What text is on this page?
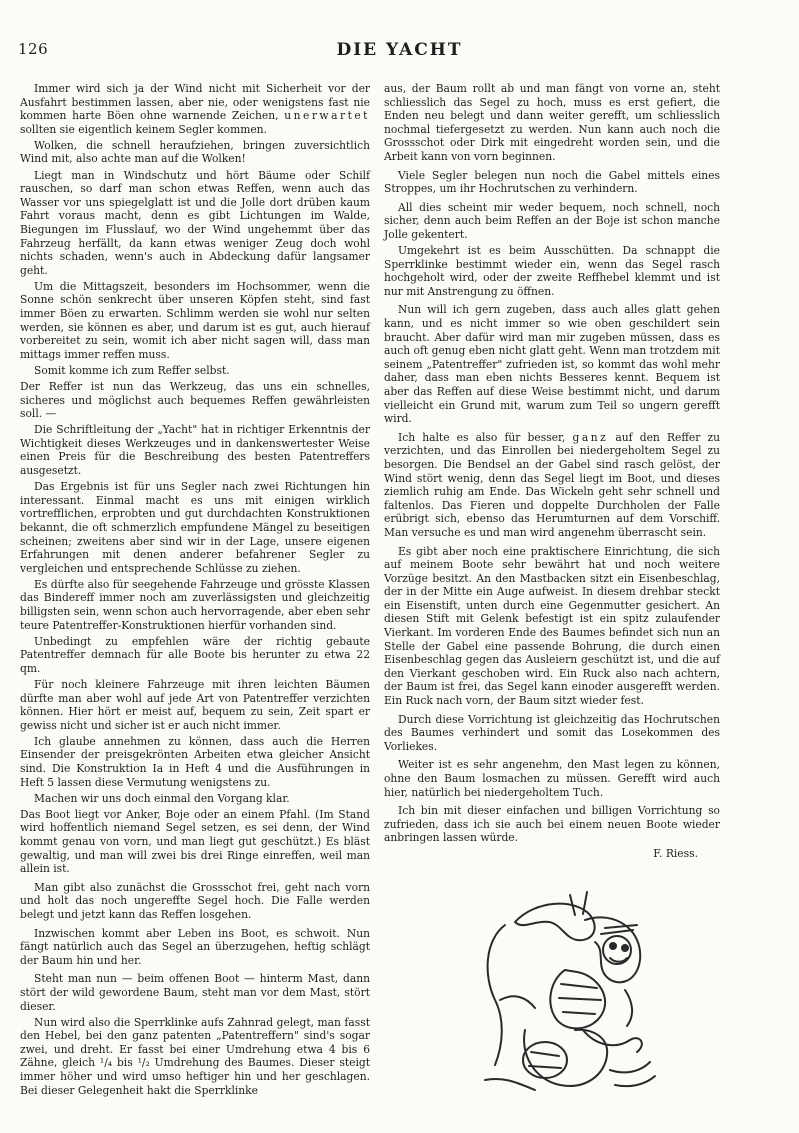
126	DIE YACHT

Immer wird sich ja der Wind nicht mit Sicherheit vor der Ausfahrt bestimmen lassen, aber nie, oder wenigstens fast nie kommen harte Böen ohne warnende Zeichen, unerwartet sollten sie eigentlich keinem Segler kommen.

Wolken, die schnell heraufziehen, bringen zuversichtlich Wind mit, also achte man auf die Wolken!

Liegt man in Windschutz und hört Bäume oder Schilf rauschen, so darf man schon etwas Reffen, wenn auch das Wasser vor uns spiegelglatt ist und die Jolle dort drüben kaum Fahrt voraus macht, denn es gibt Lichtungen im Walde, Biegungen im Flusslauf, wo der Wind ungehemmt über das Fahrzeug herfällt, da kann etwas weniger Zeug doch wohl nichts schaden, wenn's auch in Abdeckung dafür langsamer geht.

Um die Mittagszeit, besonders im Hochsommer, wenn die Sonne schön senkrecht über unseren Köpfen steht, sind fast immer Böen zu erwarten. Schlimm werden sie wohl nur selten werden, sie können es aber, und darum ist es gut, auch hierauf vorbereitet zu sein, womit ich aber nicht sagen will, dass man mittags immer reffen muss.

Somit komme ich zum Reffer selbst.

Der Reffer ist nun das Werkzeug, das uns ein schnelles, sicheres und möglichst auch bequemes Reffen gewährleisten soll. —

Die Schriftleitung der „Yacht" hat in richtiger Erkenntnis der Wichtigkeit dieses Werkzeuges und in dankenswertester Weise einen Preis für die Beschreibung des besten Patentreffers ausgesetzt.

Das Ergebnis ist für uns Segler nach zwei Richtungen hin interessant. Einmal macht es uns mit einigen wirklich vortrefflichen, erprobten und gut durchdachten Konstruktionen bekannt, die oft schmerzlich empfundene Mängel zu beseitigen scheinen; zweitens aber sind wir in der Lage, unsere eigenen Erfahrungen mit denen anderer befahrener Segler zu vergleichen und entsprechende Schlüsse zu ziehen.

Es dürfte also für seegehende Fahrzeuge und grösste Klassen das Bindereff immer noch am zuverlässigsten und gleichzeitig billigsten sein, wenn schon auch hervorragende, aber eben sehr teure Patentreffer-Konstruktionen hierfür vorhanden sind.

Unbedingt zu empfehlen wäre der richtig gebaute Patentreffer demnach für alle Boote bis herunter zu etwa 22 qm.

Für noch kleinere Fahrzeuge mit ihren leichten Bäumen dürfte man aber wohl auf jede Art von Patentreffer verzichten können. Hier hört er meist auf, bequem zu sein, Zeit spart er gewiss nicht und sicher ist er auch nicht immer.

Ich glaube annehmen zu können, dass auch die Herren Einsender der preisgekrönten Arbeiten etwa gleicher Ansicht sind. Die Konstruktion Ia in Heft 4 und die Ausführungen in Heft 5 lassen diese Vermutung wenigstens zu.

Machen wir uns doch einmal den Vorgang klar.

Das Boot liegt vor Anker, Boje oder an einem Pfahl. (Im Stand wird hoffentlich niemand Segel setzen, es sei denn, der Wind kommt genau von vorn, und man liegt gut geschützt.) Es bläst gewaltig, und man will zwei bis drei Ringe einreffen, weil man allein ist.

Man gibt also zunächst die Grossschot frei, geht nach vorn und holt das noch ungereffte Segel hoch. Die Falle werden belegt und jetzt kann das Reffen losgehen.

Inzwischen kommt aber Leben ins Boot, es schwoit. Nun fängt natürlich auch das Segel an überzugehen, heftig schlägt der Baum hin und her.

Steht man nun — beim offenen Boot — hinterm Mast, dann stört der wild gewordene Baum, steht man vor dem Mast, stört dieser.

Nun wird also die Sperrklinke aufs Zahnrad gelegt, man fasst den Hebel, bei den ganz patenten „Patentreffern" sind's sogar zwei, und dreht. Er fasst bei einer Umdrehung etwa 4 bis 6 Zähne, gleich ¹/₄ bis ¹/₂ Umdrehung des Baumes. Dieser steigt immer höher und wird umso heftiger hin und her geschlagen. Bei dieser Gelegenheit hakt die Sperrklinke

aus, der Baum rollt ab und man fängt von vorne an, steht schliesslich das Segel zu hoch, muss es erst gefiert, die Enden neu belegt und dann weiter gerefft, um schliesslich nochmal tiefergesetzt zu werden. Nun kann auch noch die Grossschot oder Dirk mit eingedreht worden sein, und die Arbeit kann von vorn beginnen.

Viele Segler belegen nun noch die Gabel mittels eines Stroppes, um ihr Hochrutschen zu verhindern.

All dies scheint mir weder bequem, noch schnell, noch sicher, denn auch beim Reffen an der Boje ist schon manche Jolle gekentert.

Umgekehrt ist es beim Ausschütten. Da schnappt die Sperrklinke bestimmt wieder ein, wenn das Segel rasch hochgeholt wird, oder der zweite Reffhebel klemmt und ist nur mit Anstrengung zu öffnen.

Nun will ich gern zugeben, dass auch alles glatt gehen kann, und es nicht immer so wie oben geschildert sein braucht. Aber dafür wird man mir zugeben müssen, dass es auch oft genug eben nicht glatt geht. Wenn man trotzdem mit seinem „Patentreffer" zufrieden ist, so kommt das wohl mehr daher, dass man eben nichts Besseres kennt. Bequem ist aber das Reffen auf diese Weise bestimmt nicht, und darum vielleicht ein Grund mit, warum zum Teil so ungern gerefft wird.

Ich halte es also für besser, ganz auf den Reffer zu verzichten, und das Einrollen bei niedergeholtem Segel zu besorgen. Die Bendsel an der Gabel sind rasch gelöst, der Wind stört wenig, denn das Segel liegt im Boot, und dieses ziemlich ruhig am Ende. Das Wickeln geht sehr schnell und faltenlos. Das Fieren und doppelte Durchholen der Falle erübrigt sich, ebenso das Herumturnen auf dem Vorschiff. Man versuche es und man wird angenehm überrascht sein.

Es gibt aber noch eine praktischere Einrichtung, die sich auf meinem Boote sehr bewährt hat und noch weitere Vorzüge besitzt. An den Mastbacken sitzt ein Eisenbeschlag, der in der Mitte ein Auge aufweist. In diesem drehbar steckt ein Eisenstift, unten durch eine Gegenmutter gesichert. An diesen Stift mit Gelenk befestigt ist ein spitz zulaufender Vierkant. Im vorderen Ende des Baumes befindet sich nun an Stelle der Gabel eine passende Bohrung, die durch einen Eisenbeschlag gegen das Ausleiern geschützt ist, und die auf den Vierkant geschoben wird. Ein Ruck also nach achtern, der Baum ist frei, das Segel kann einoder ausgerefft werden. Ein Ruck nach vorn, der Baum sitzt wieder fest.

Durch diese Vorrichtung ist gleichzeitig das Hochrutschen des Baumes verhindert und somit das Losekommen des Vorliekes.

Weiter ist es sehr angenehm, den Mast legen zu können, ohne den Baum losmachen zu müssen. Gerefft wird auch hier, natürlich bei niedergeholtem Tuch.

Ich bin mit dieser einfachen und billigen Vorrichtung so zufrieden, dass ich sie auch bei einem neuen Boote wieder anbringen lassen würde.

F. Riess.
